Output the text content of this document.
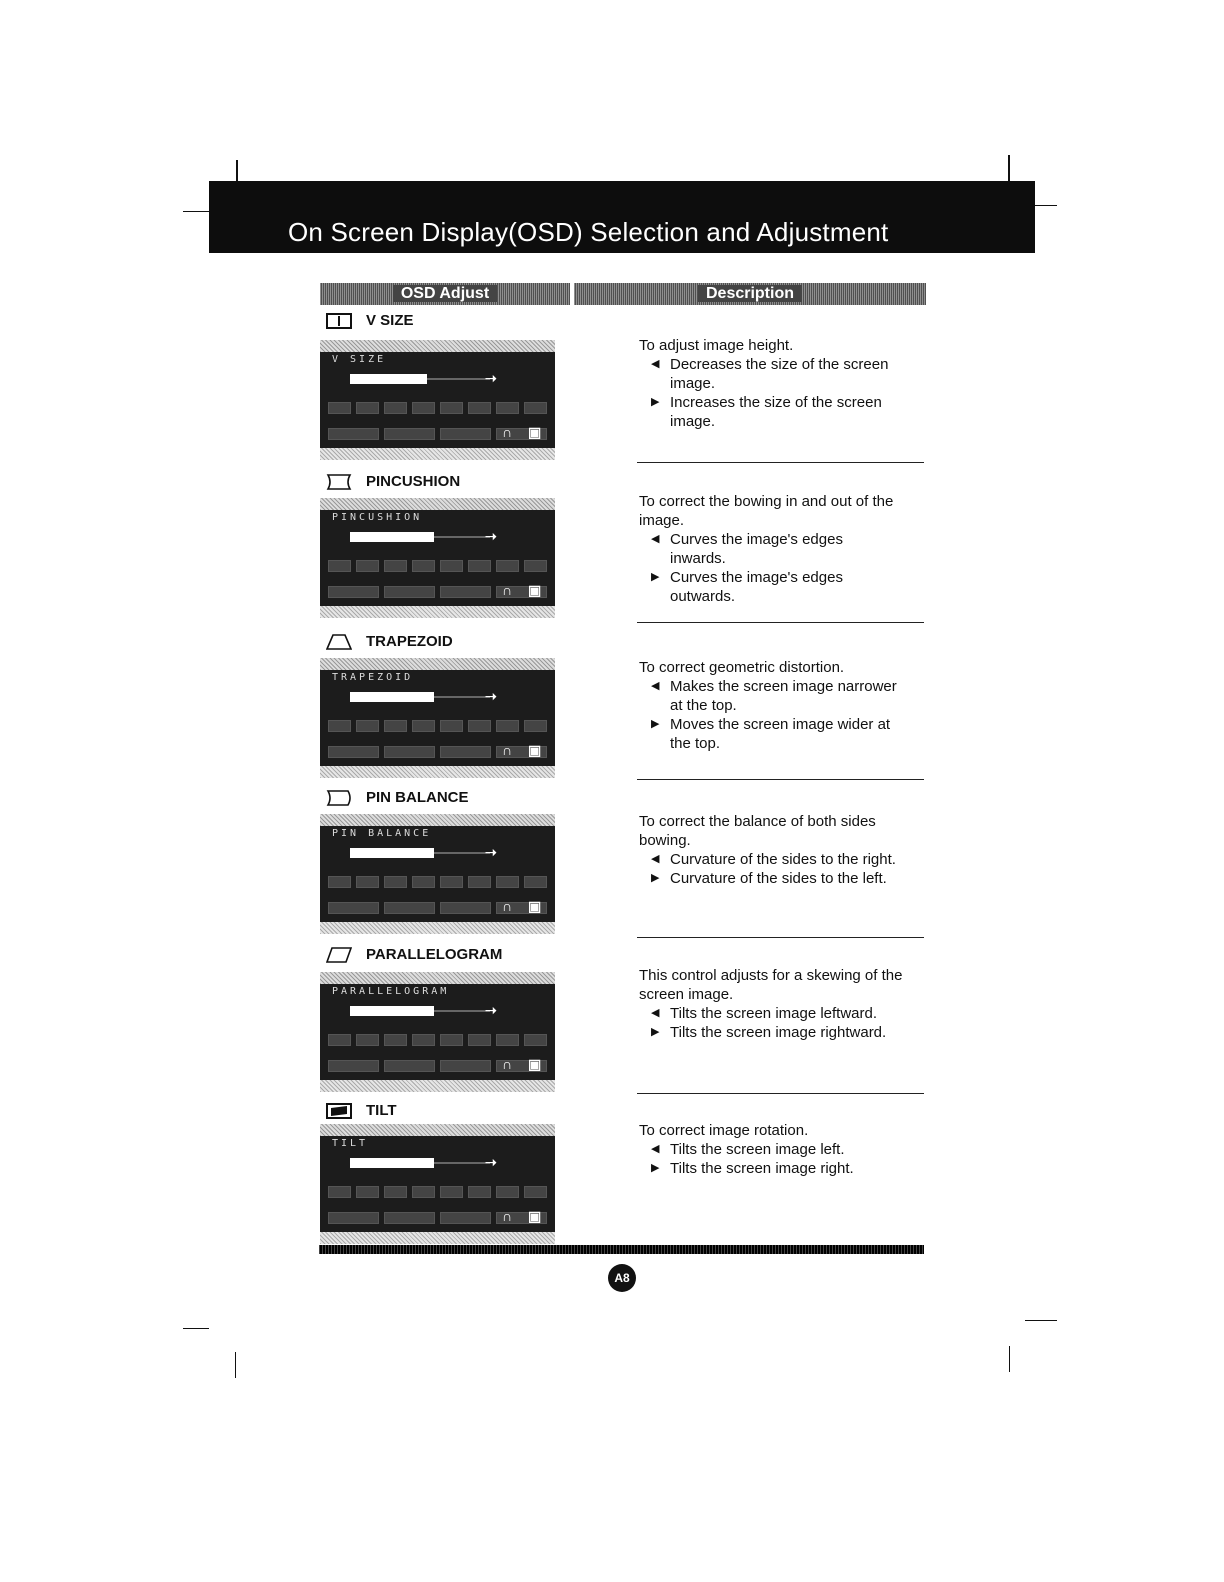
On Screen Display(OSD) Selection and Adjustment
OSD Adjust	Description
V SIZE
V SIZE
➝
∩ ▣
To adjust image height.
◀ Decreases the size of the screen
image.
▶ Increases the size of the screen
image.
PINCUSHION
PINCUSHION
➝
∩ ▣
To correct the bowing in and out of the
image.
◀ Curves the image's edges
inwards.
▶ Curves the image's edges
outwards.
TRAPEZOID
TRAPEZOID
➝
∩ ▣
To correct geometric distortion.
◀ Makes the screen image narrower
at the top.
▶ Moves the screen image wider at
the top.
PIN BALANCE
PIN BALANCE
➝
∩ ▣
To correct the balance of both sides
bowing.
◀ Curvature of the sides to the right.
▶ Curvature of the sides to the left.
PARALLELOGRAM
PARALLELOGRAM
➝
∩ ▣
This control adjusts for a skewing of the
screen image.
◀ Tilts the screen image leftward.
▶ Tilts the screen image rightward.
TILT
TILT
➝
∩ ▣
To correct image rotation.
◀ Tilts the screen image left.
▶ Tilts the screen image right.
A8
